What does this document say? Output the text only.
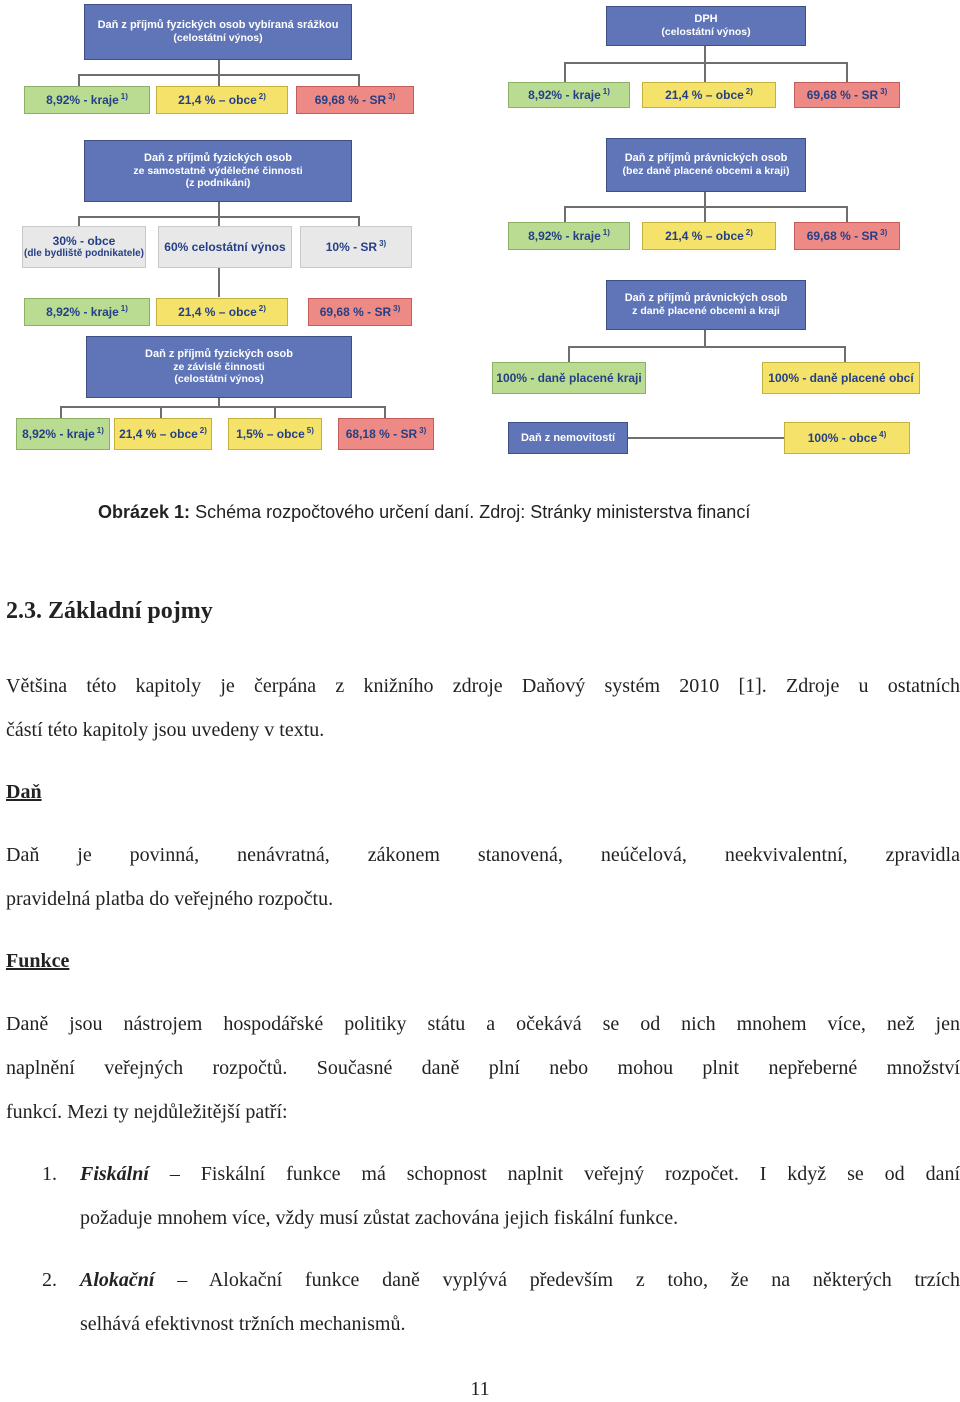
Daň z příjmů fyzických osob vybíraná srážkou
(celostátní výnos)
8,92% - kraje $^{1)}$	21,4 % – obce $^{2)}$	69,68 % - SR $^{3)}$
Daň z příjmů fyzických osob
ze samostatně výdělečné činnosti
(z podnikání)
30% - obce
(dle bydliště podnikatele) 60% celostátní výnos	10% - SR $^{3)}$
8,92% - kraje $^{1)}$	21,4 % – obce $^{2)}$	69,68 % - SR $^{3)}$
Daň z příjmů fyzických osob
ze závislé činnosti
(celostátní výnos)
8,92% - kraje $^{1)}$ 21,4 % – obce $^{2)}$ 1,5% – obce $^{5)}$	68,18 % - SR $^{3)}$
DPH
(celostátní výnos)
8,92% - kraje $^{1)}$	21,4 % – obce $^{2)}$	69,68 % - SR $^{3)}$
Daň z příjmů právnických osob
(bez daně placené obcemi a kraji)
8,92% - kraje $^{1)}$	21,4 % – obce $^{2)}$	69,68 % - SR $^{3)}$
Daň z příjmů právnických osob
z daně placené obcemi a kraji
100% - daně placené kraji	100% - daně placené obcí
Daň z nemovitostí	100% - obce $^{4)}$
Obrázek 1: Schéma rozpočtového určení daní. Zdroj: Stránky ministerstva financí
2.3. Základní pojmy
Většina této kapitoly je čerpána z knižního zdroje Daňový systém 2010 [1]. Zdroje u ostatních
částí této kapitoly jsou uvedeny v textu.
Daň
Daň je povinná, nenávratná, zákonem stanovená, neúčelová, neekvivalentní, zpravidla
pravidelná platba do veřejného rozpočtu.
Funkce
Daně jsou nástrojem hospodářské politiky státu a očekává se od nich mnohem více, než jen
naplnění veřejných rozpočtů. Současné daně plní nebo mohou plnit nepřeberné množství
funkcí. Mezi ty nejdůležitější patří:
1.	Fiskální – Fiskální funkce má schopnost naplnit veřejný rozpočet. I když se od daní
požaduje mnohem více, vždy musí zůstat zachována jejich fiskální funkce.
2.	Alokační – Alokační funkce daně vyplývá především z toho, že na některých trzích
selhává efektivnost tržních mechanismů.
11
